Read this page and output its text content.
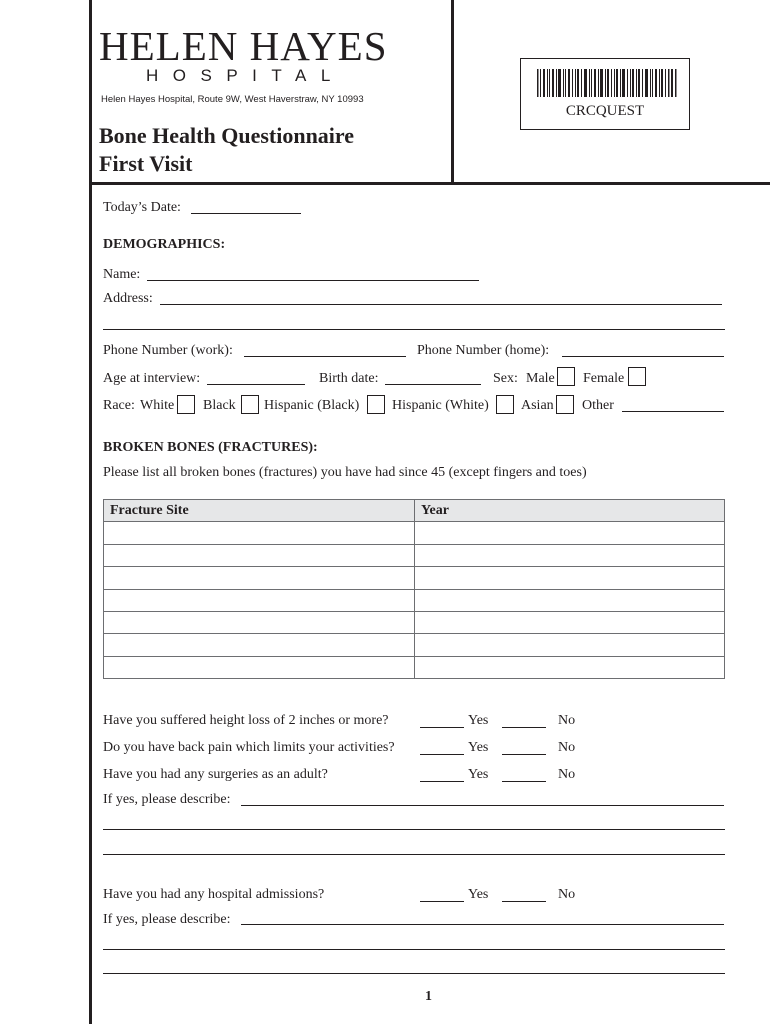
HELEN HAYES
HOSPITAL
Helen Hayes Hospital, Route 9W, West Haverstraw, NY 10993
Bone Health Questionnaire
First Visit
CRCQUEST
Today’s Date:
DEMOGRAPHICS:
Name:
Address:
Phone Number (work):	Phone Number (home):
Age at interview:	Birth date:	Sex: Male Female
Race: White Black Hispanic (Black) Hispanic (White) Asian Other
BROKEN BONES (FRACTURES):
Please list all broken bones (fractures) you have had since 45 (except fingers and toes)
Fracture Site	Year

Have you suffered height loss of 2 inches or more?	Yes	No
Do you have back pain which limits your activities?	Yes	No
Have you had any surgeries as an adult?	Yes	No
If yes, please describe:
Have you had any hospital admissions?	Yes	No
If yes, please describe:
1
